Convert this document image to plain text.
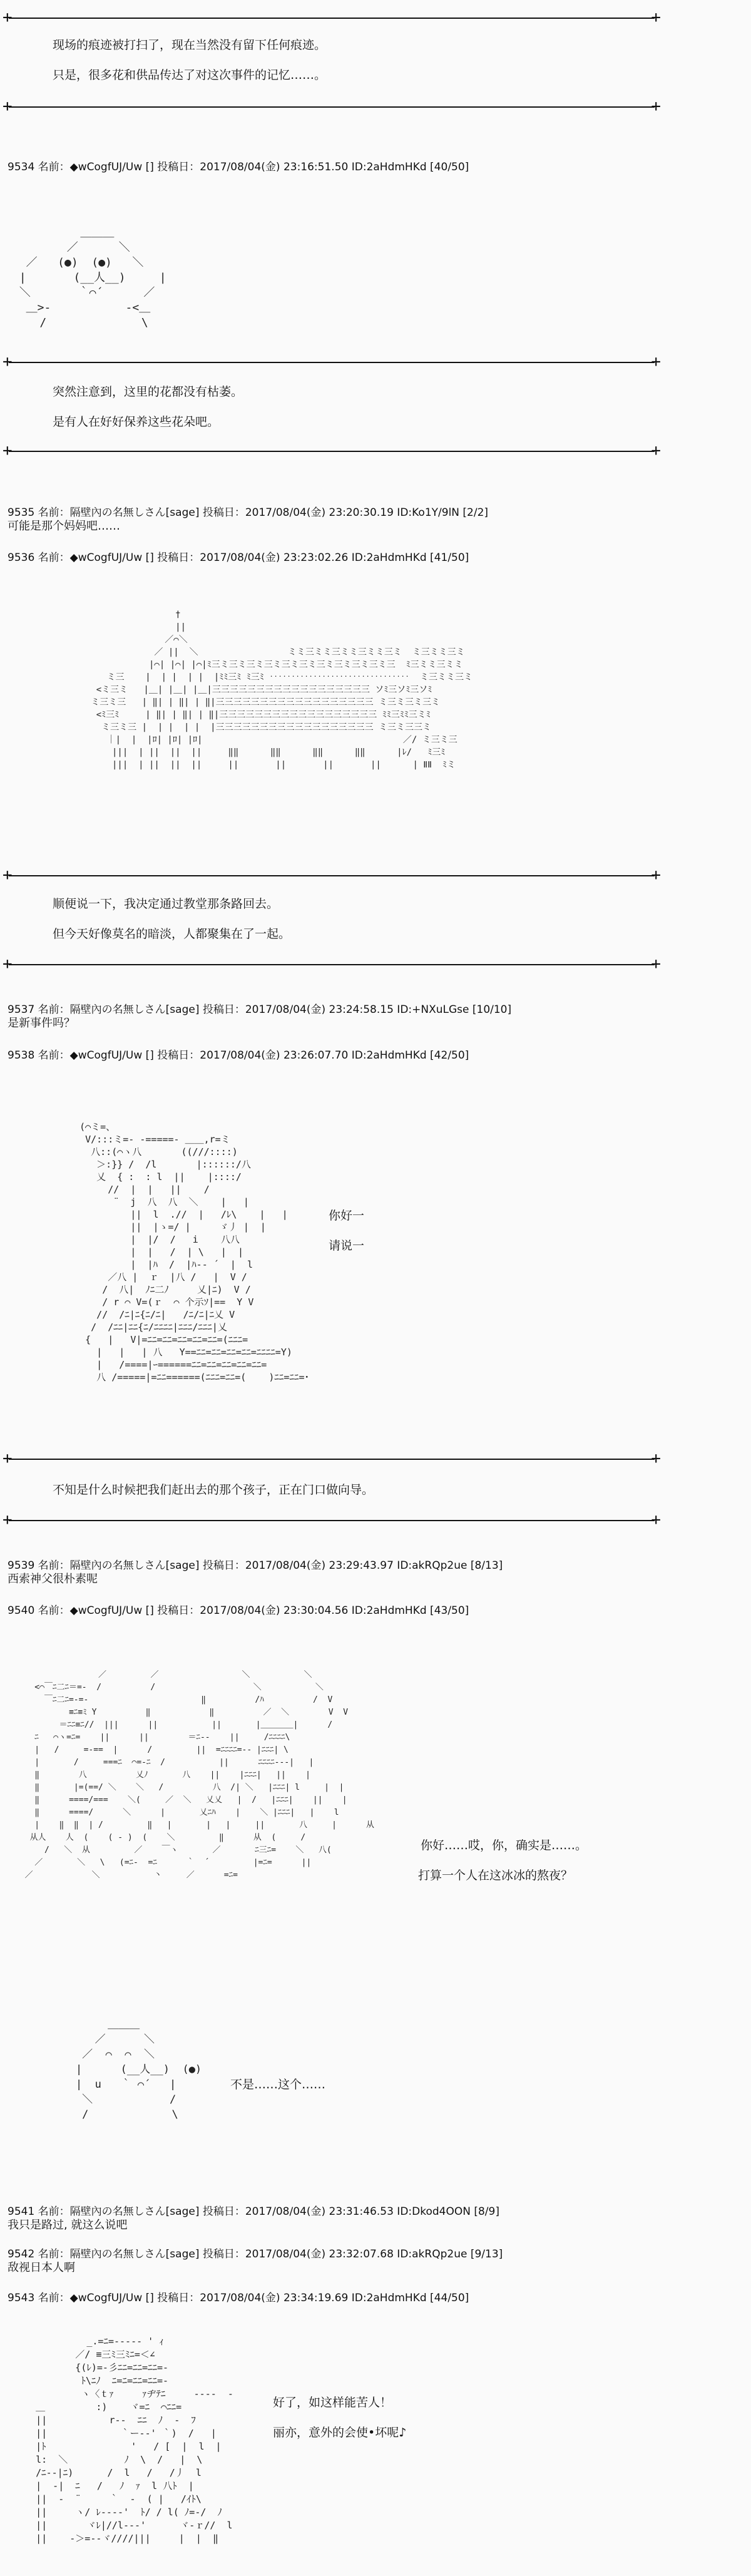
+ +
现场的痕迹被打扫了，现在当然没有留下任何痕迹。
只是，很多花和供品传达了对这次事件的记忆……。
+ +
9534 名前：◆wCogfUJ/Uw [] 投稿日：2017/08/04(金) 23:16:51.50 ID:2aHdmHKd [40/50]
＿＿＿
／      ＼
／   (●)  (●)   ＼
|       (__人__)     |
＼       ｀⌒´      ／
＿>‐           ‐<＿
/              \
+ +
突然注意到，这里的花都没有枯萎。
是有人在好好保养这些花朵吧。
+ +
9535 名前：隔壁內の名無しさん[sage] 投稿日：2017/08/04(金) 23:20:30.19 ID:Ko1Y/9lN [2/2]
可能是那个妈妈吧……
9536 名前：◆wCogfUJ/Uw [] 投稿日：2017/08/04(金) 23:23:02.26 ID:2aHdmHKd [41/50]
†
||
／⌒＼
／ ||  ＼                 ミミ三ミミ三ミミ三ミミ三ミ  ミ三ミミ三ミ
|⌒| |⌒| |⌒|ﾐ三ミ三ミ三ミ三ミ三ミ三ミ三ミ三ミ三ミ三ミ三  ﾐ三ミミ三ミミ
ミ三    |  | |  | |  |ﾐﾐ三ﾐ ﾐ三ﾐ ‥‥‥‥‥‥‥‥‥‥‥‥‥‥‥‥  ミ三ミミ三ミ
<ミ三ミ   |＿| |＿| |＿|三三三三三三三三三三三三三三三三三三 ソﾐ三ソﾐ三ソﾐ
ミ三ミ三   | ‖| | ‖| | ‖|三三三三三三三三三三三三三三三三三三 ミ三ミ三ミ三ミ
<ﾐ三ﾐ     | ‖| | ‖| | ‖|三三三三三三三三三三三三三三三三三三 ﾐﾐ三ﾐﾐ三ミﾐ
ミ三ミ三 |  | |  | |  |三三三三三三三三三三三三三三三三三三 ミ三ミ三三ミ
｜|  |  |ﾛ| |ﾛ| |ﾛ|                                      ／/ ミ三ミ三
|||  | ||  ||  ||     ‖‖      ‖‖      ‖‖      ‖‖      |ﾚ/   ﾐ三ﾐ
|||  | ||  ||  ||     ||       ||       ||       ||      | ⅡⅡ  ﾐミ
+ +
顺便说一下，我决定通过教堂那条路回去。
但今天好像莫名的暗淡，人都聚集在了一起。
+ +
9537 名前：隔壁內の名無しさん[sage] 投稿日：2017/08/04(金) 23:24:58.15 ID:+NXuLGse [10/10]
是新事件吗？
9538 名前：◆wCogfUJ/Uw [] 投稿日：2017/08/04(金) 23:26:07.70 ID:2aHdmHKd [42/50]
(⌒ミ=、
V/:::ミ=- -=====- ＿＿,r=ミ
八::(⌒ヽ八       ((///::::)
＞:}} /  /l       |::::::/八
乂  { :  : l  ||    |::::/
//  |  |   ||    /
¨  j  八  八  ＼    |   |
||  l  .//  |   /ﾚ\    |   |
||  |ゝ=/ |     ゞ丿 |  |
|  |/  /   i    八八
|  |   /  | \   |  |
|  |ﾊ  /  |ﾊ-‐ ´  |  l
／八 |  ｒ  |八 /   |  V /
/  八|  ﾉﾆ二ﾉ     乂|ﾆ)  V /
/ r ⌒ V=(ｒ  ⌒ 个示ｿ|==  Y V
//  /ﾆ|ﾆ{ﾆ/ﾆ|   /ﾆ/ﾆ|ﾆ乂 V
/  /ﾆﾆ|ﾆﾆ{ﾆ/ﾆﾆﾆﾆ|ﾆﾆﾆ/ﾆﾆﾆ|乂
{   |   V|=ﾆﾆ=ﾆﾆ=ﾆﾆ=ﾆﾆ=ﾆﾆ=(ﾆﾆﾆ=
|   |   | 八   Y==ﾆﾆ=ﾆﾆ=ﾆﾆ=ﾆﾆ=ﾆﾆﾆﾆ=Y)
|   /====|ｰ======ﾆﾆ=ﾆﾆ=ﾆﾆ=ﾆﾆ=ﾆﾆ=
八 /=====|=ﾆﾆ======(ﾆﾆﾆ=ﾆﾆ=(    )ﾆﾆ=ﾆﾆ=･
你好一
请说一
+ +
不知是什么时候把我们赶出去的那个孩子，正在门口做向导。
+ +
9539 名前：隔壁內の名無しさん[sage] 投稿日：2017/08/04(金) 23:29:43.97 ID:akRQp2ue [8/13]
西索神父很朴素呢
9540 名前：◆wCogfUJ/Uw [] 投稿日：2017/08/04(金) 23:30:04.56 ID:2aHdmHKd [43/50]
／         ／                 ＼           ＼
<⌒￣ﾆ二ﾆ＝=-  /          /                    ＼           ＼
￣ﾆ二ﾆ=-=-                       ‖          /ﾊ          /  V
≡ﾆ≡ﾐ Y          ‖            ‖          ／  ＼        V  V
＝ﾆﾆ≡ﾆ//  |||      ||           ||       |＿＿＿＿|      /
ﾆ   ⌒ヽ=ﾆ=    ||      ||        ＝ﾆ-‐    ||     /ﾆﾆﾆﾆ\
|   /     =-==  |      /         ||  =ﾆﾆﾆﾆ=-‐ |ﾆﾆﾆ| \
|       /     ===ﾆ  ⌒=-ﾆ  /           ||      ﾆﾆﾆﾆ-‐‐|   |
‖        八          乂ﾉ       八    ||    |ﾆﾆﾆ|   ||    |
‖       |=(==/ ＼    ＼   /          八  /| ＼   |ﾆﾆﾆ| l     |  |
‖      ====/===    ＼(     ／  ＼   乂乂   |  /   |ﾆﾆﾆ|    ||    |
‖      ====/      ＼      |       乂ﾆﾊ    |    ＼ |ﾆﾆﾆ|   |    l
|    ‖  ‖  | /         ‖   |       |   |     ||       八     |      从
从人    人  (    ( ‐ )  (    ＼         ‖      从  (     /
/   ＼  从         ／    ￣ヽ       ／       ﾆ三ﾆ=    ＼   八(
／       ＼   \   (=ﾆ‐  =ﾆ      ｀  ´         |=ﾆ=      ||
／            ＼           丶     ／      =ﾆ=

你好……哎，你，确实是……。
打算一个人在这冰冰的熬夜？
＿＿＿
／      ＼
／  ⌒  ⌒  ＼
|      (__人__)  (●)
|  u   ｀ ⌒´   |
＼            /
/             \
不是……这个……
9541 名前：隔壁內の名無しさん[sage] 投稿日：2017/08/04(金) 23:31:46.53 ID:Dkod4OON [8/9]
我只是路过, 就这么说吧
9542 名前：隔壁內の名無しさん[sage] 投稿日：2017/08/04(金) 23:32:07.68 ID:akRQp2ue [9/13]
敌视日本人啊
9543 名前：◆wCogfUJ/Uw [] 投稿日：2017/08/04(金) 23:34:19.69 ID:2aHdmHKd [44/50]
_.=ﾆ=‐‐‐-‐ ' ｨ
／/ ≡三ﾐ三ﾐﾆ=＜∠
{(ﾚ)=‐彡ﾆﾆ=ﾆﾆ=ﾆﾆ=‐
ﾄ\ﾆﾉ  ﾆ=ﾆ=ﾆﾆ=ﾆﾆ=‐
ヽ〈ｔｧ     ｧヂﾃﾆ     ‐‐--  -
＿         :)    ヾ=ﾆ  ⌒ﾆﾆ=
||           r--  ﾆﾆ  ﾉ  ‐  ﾌ
||             ｀ー-‐' ｀)  /   |
|ﾄ               '   / [  |  l  |
l:  ＼          ﾉ  \  /   |  \
/ﾆ-‐|ﾆ)      /  l   /   /丿  l
|  ‐|  ﾆ   /   ﾉ  ｧ  l 八ﾄ  |
||  ‐  ¨     ｀  ‐  ( |   /ｲﾄ\
||     ヽ/ ﾚ---‐'  ﾄ/ / l( ﾉ=-/  ﾉ
||       ヾﾚ|//l--‐'      ヾ‐ｒ//  l
||    ‐＞=‐‐ヾ////|||     |  |  ‖
好了，如这样能苦人！
丽亦，意外的会使•坏呢♪
